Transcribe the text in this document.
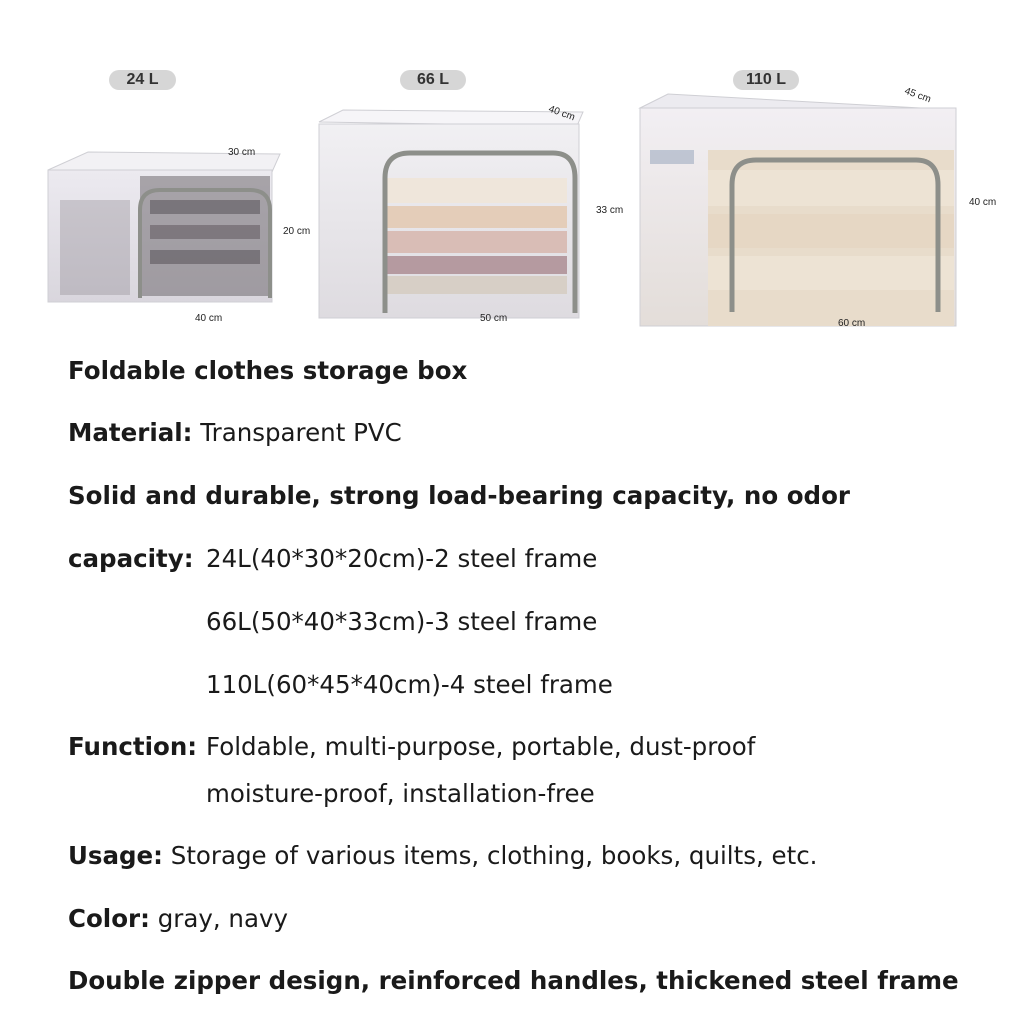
24 L
30 cm
20 cm
40 cm
66 L
40 cm
33 cm
50 cm
110 L
45 cm
40 cm
60 cm
Foldable clothes storage box
Material: Transparent PVC
Solid and durable, strong load-bearing capacity, no odor
capacity: 24L(40*30*20cm)-2 steel frame
66L(50*40*33cm)-3 steel frame
110L(60*45*40cm)-4 steel frame
Function: Foldable, multi-purpose, portable, dust-proof
moisture-proof, installation-free
Usage: Storage of various items, clothing, books, quilts, etc.
Color: gray, navy
Double zipper design, reinforced handles, thickened steel frame
